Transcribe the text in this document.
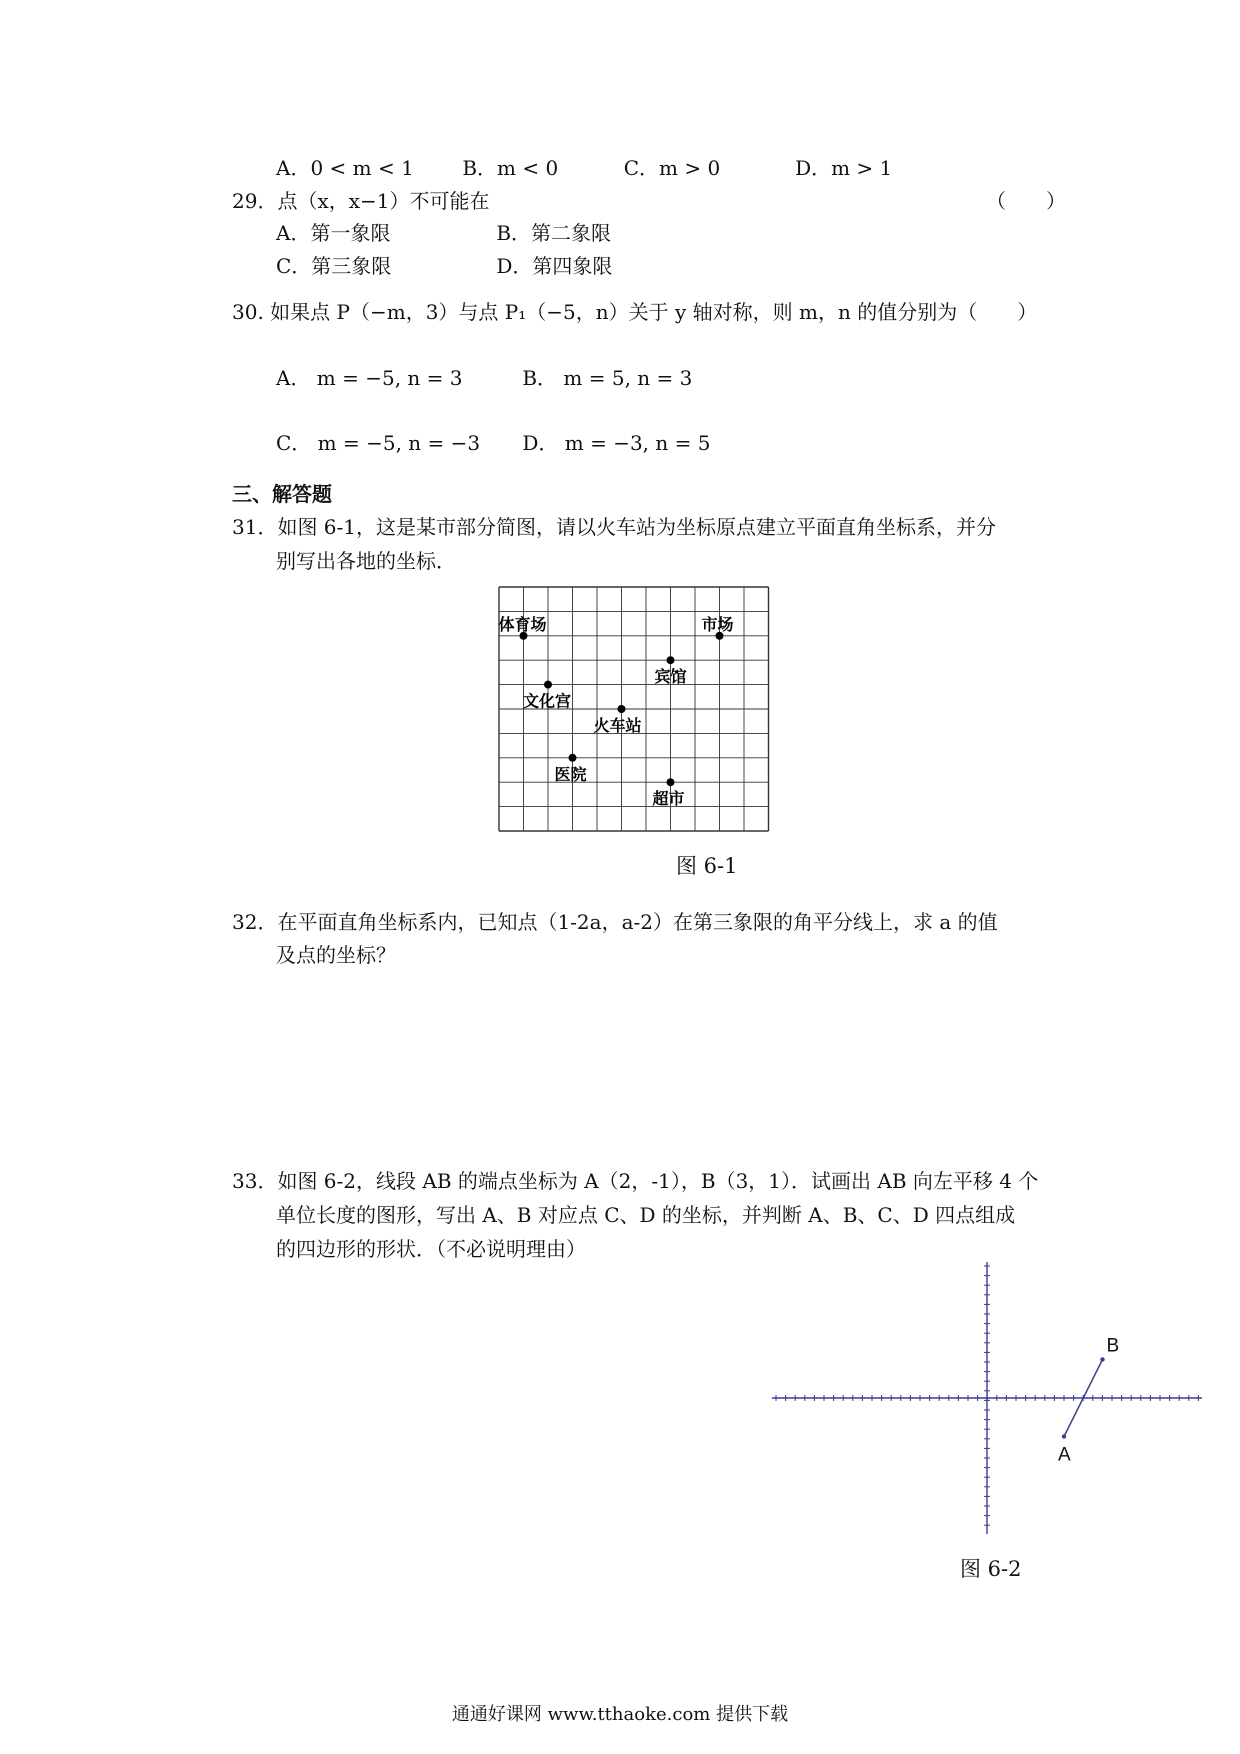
A．0 < m < 1 B．m < 0	C．m > 0	D．m > 1
29．点（x，x−1）不可能在	（　　）
A．第一象限	B．第二象限
C．第三象限	D．第四象限
30. 如果点 P（−m，3）与点 P₁（−5，n）关于 y 轴对称，则 m，n 的值分别为（　　）
A． m = −5, n = 3	B． m = 5, n = 3
C． m = −5, n = −3 D． m = −3, n = 5
三、解答题
31．如图 6-1，这是某市部分简图，请以火车站为坐标原点建立平面直角坐标系，并分
别写出各地的坐标．
体育场	市场
宾馆
文化宫
火车站
医院
超市
图 6-1
32．在平面直角坐标系内，已知点（1-2a，a-2）在第三象限的角平分线上，求 a 的值
及点的坐标？
33．如图 6-2，线段 AB 的端点坐标为 A（2，-1），B（3，1）．试画出 AB 向左平移 4 个
单位长度的图形，写出 A、B 对应点 C、D 的坐标，并判断 A、B、C、D 四点组成
的四边形的形状．（不必说明理由）
A
B
图 6-2
通通好课网 www.tthaoke.com 提供下载
